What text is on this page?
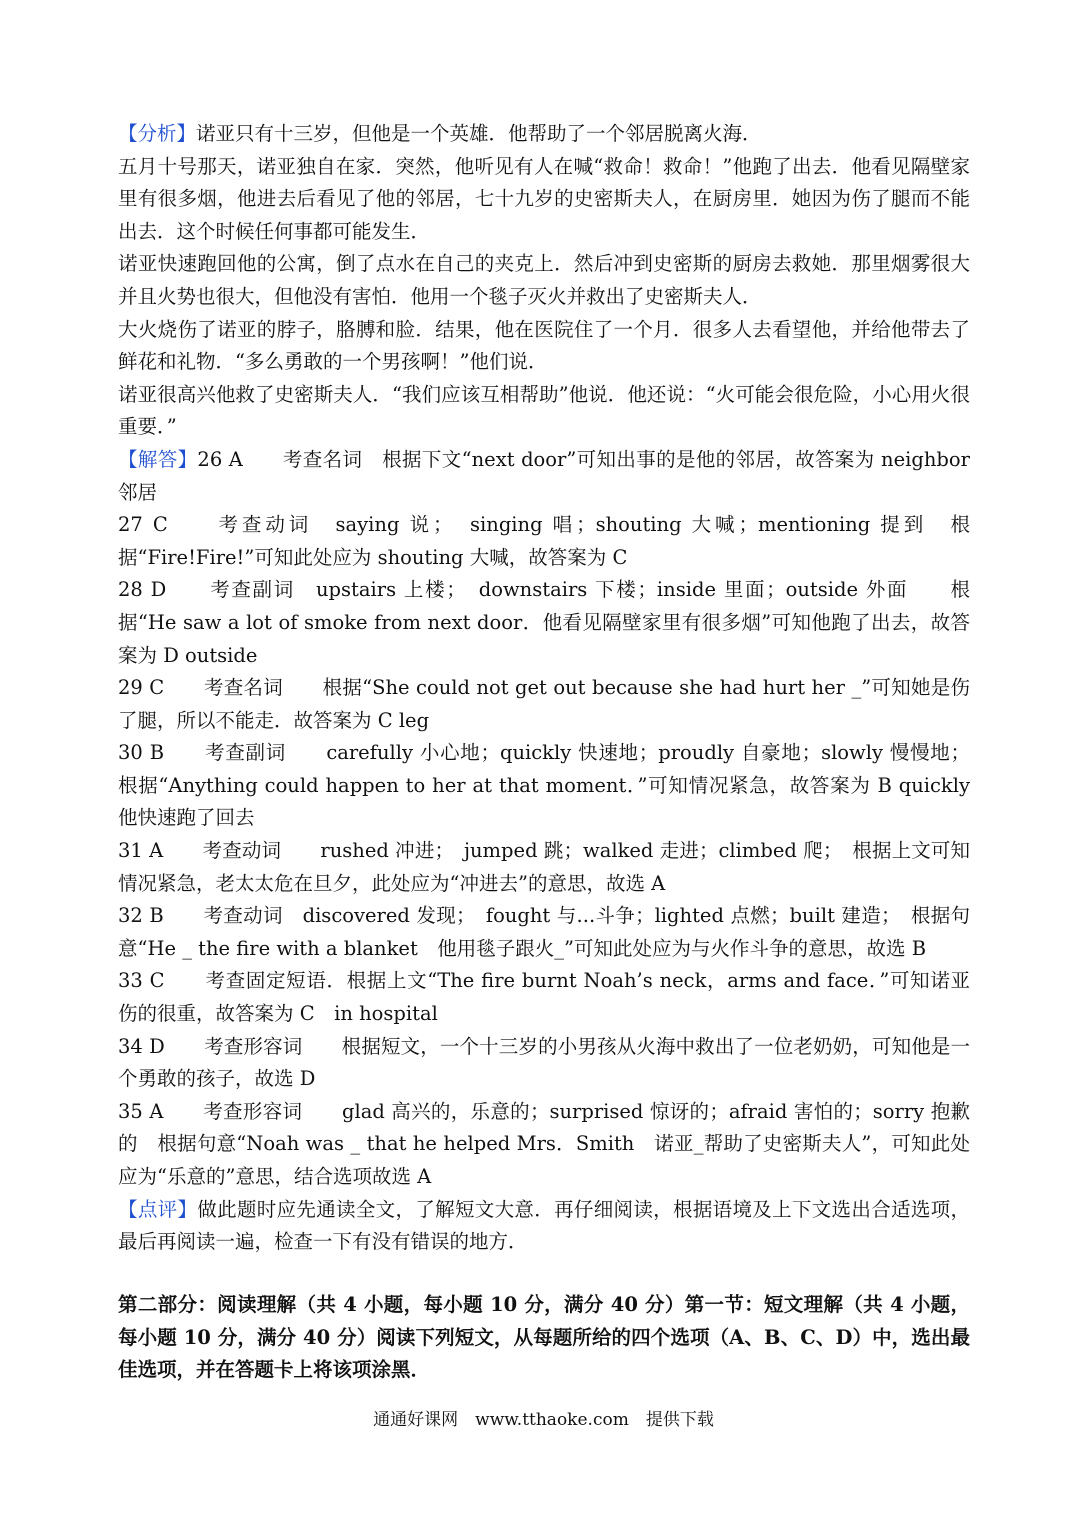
【分析】诺亚只有十三岁，但他是一个英雄．他帮助了一个邻居脱离火海．

五月十号那天，诺亚独自在家．突然，他听见有人在喊“救命！救命！”他跑了出去．他看见隔壁家里有很多烟，他进去后看见了他的邻居，七十九岁的史密斯夫人，在厨房里．她因为伤了腿而不能出去．这个时候任何事都可能发生．

诺亚快速跑回他的公寓，倒了点水在自己的夹克上．然后冲到史密斯的厨房去救她．那里烟雾很大并且火势也很大，但他没有害怕．他用一个毯子灭火并救出了史密斯夫人．

大火烧伤了诺亚的脖子，胳膊和脸．结果，他在医院住了一个月．很多人去看望他，并给他带去了鲜花和礼物．“多么勇敢的一个男孩啊！”他们说．

诺亚很高兴他救了史密斯夫人．“我们应该互相帮助”他说．他还说：“火可能会很危险，小心用火很重要．”

【解答】26 A　　考查名词　根据下文“next door”可知出事的是他的邻居，故答案为 neighbor 邻居

27 C　　考查动词　saying 说；　singing 唱；shouting 大喊；mentioning 提到　根据“Fire!Fire!”可知此处应为 shouting 大喊，故答案为 C

28 D　　考查副词　upstairs 上楼；　downstairs 下楼；inside 里面；outside 外面　　根据“He saw a lot of smoke from next door．他看见隔壁家里有很多烟”可知他跑了出去，故答案为 D outside

29 C　　考查名词　　根据“She could not get out because she had hurt her _”可知她是伤了腿，所以不能走．故答案为 C leg

30 B　　考查副词　　carefully 小心地；quickly 快速地；proudly 自豪地；slowly 慢慢地；根据“Anything could happen to her at that moment．”可知情况紧急，故答案为 B quickly　他快速跑了回去

31 A　　考查动词　　rushed 冲进；　jumped 跳；walked 走进；climbed 爬；　根据上文可知情况紧急，老太太危在旦夕，此处应为“冲进去”的意思，故选 A

32 B　　考查动词　discovered 发现；　fought 与...斗争；lighted 点燃；built 建造；　根据句意“He _ the fire with a blanket　他用毯子跟火_”可知此处应为与火作斗争的意思，故选 B

33 C　　考查固定短语．根据上文“The fire burnt Noah’s neck，arms and face．”可知诺亚伤的很重，故答案为 C　in hospital

34 D　　考查形容词　　根据短文，一个十三岁的小男孩从火海中救出了一位老奶奶，可知他是一个勇敢的孩子，故选 D

35 A　　考查形容词　　glad 高兴的，乐意的；surprised 惊讶的；afraid 害怕的；sorry 抱歉的　根据句意“Noah was _ that he helped Mrs．Smith　诺亚_帮助了史密斯夫人”，可知此处应为“乐意的”意思，结合选项故选 A

【点评】做此题时应先通读全文，了解短文大意．再仔细阅读，根据语境及上下文选出合适选项，最后再阅读一遍，检查一下有没有错误的地方．

第二部分：阅读理解（共 4 小题，每小题 10 分，满分 40 分）第一节：短文理解（共 4 小题，每小题 10 分，满分 40 分）阅读下列短文，从每题所给的四个选项（A、B、C、D）中，选出最佳选项，并在答题卡上将该项涂黑．
通通好课网　www.tthaoke.com　提供下载
